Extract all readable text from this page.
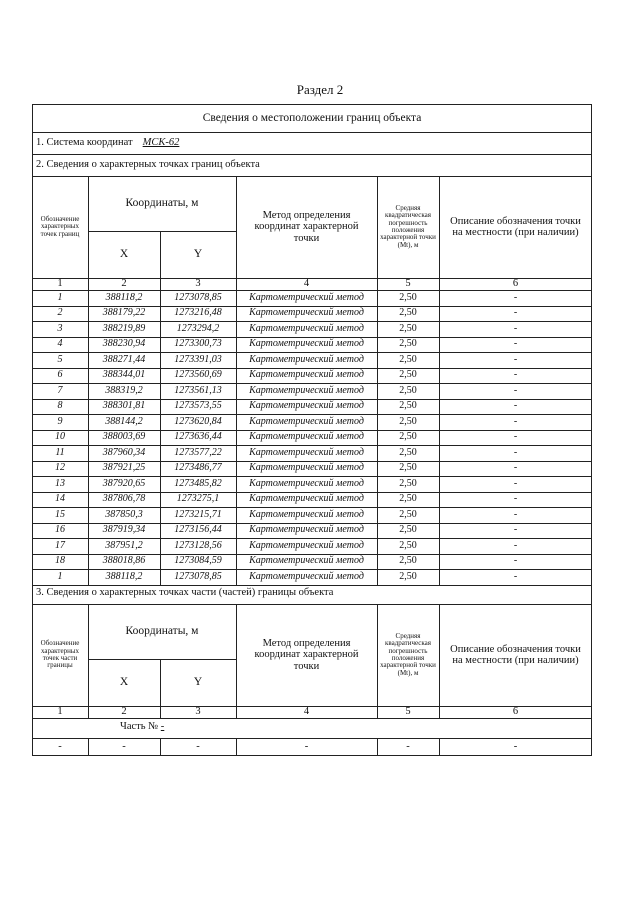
Раздел 2
Сведения о местоположении границ объекта
1. Система координат МСК-62
2. Сведения о характерных точках границ объекта
Обозначение характерных точек границ
Координаты, м
X	Y
Метод определения координат характерной точки
Средняя квадратическая погрешность положения характерной точки (Mt), м
Описание обозначения точки на местности (при наличии)
1	2	3	4	5	6
1	388118,2	1273078,85	Картометрический метод	2,50	-
2	388179,22	1273216,48	Картометрический метод	2,50	-
3	388219,89	1273294,2	Картометрический метод	2,50	-
4	388230,94	1273300,73	Картометрический метод	2,50	-
5	388271,44	1273391,03	Картометрический метод	2,50	-
6	388344,01	1273560,69	Картометрический метод	2,50	-
7	388319,2	1273561,13	Картометрический метод	2,50	-
8	388301,81	1273573,55	Картометрический метод	2,50	-
9	388144,2	1273620,84	Картометрический метод	2,50	-
10	388003,69	1273636,44	Картометрический метод	2,50	-
11	387960,34	1273577,22	Картометрический метод	2,50	-
12	387921,25	1273486,77	Картометрический метод	2,50	-
13	387920,65	1273485,82	Картометрический метод	2,50	-
14	387806,78	1273275,1	Картометрический метод	2,50	-
15	387850,3	1273215,71	Картометрический метод	2,50	-
16	387919,34	1273156,44	Картометрический метод	2,50	-
17	387951,2	1273128,56	Картометрический метод	2,50	-
18	388018,86	1273084,59	Картометрический метод	2,50	-
1	388118,2	1273078,85	Картометрический метод	2,50	-
3. Сведения о характерных точках части (частей) границы объекта
Обозначение характерных точек части границы
Координаты, м
X	Y
Метод определения координат характерной точки
Средняя квадратическая погрешность положения характерной точки (Mt), м
Описание обозначения точки на местности (при наличии)
1	2	3	4	5	6
Часть № -
-	-	-	-	-	-
